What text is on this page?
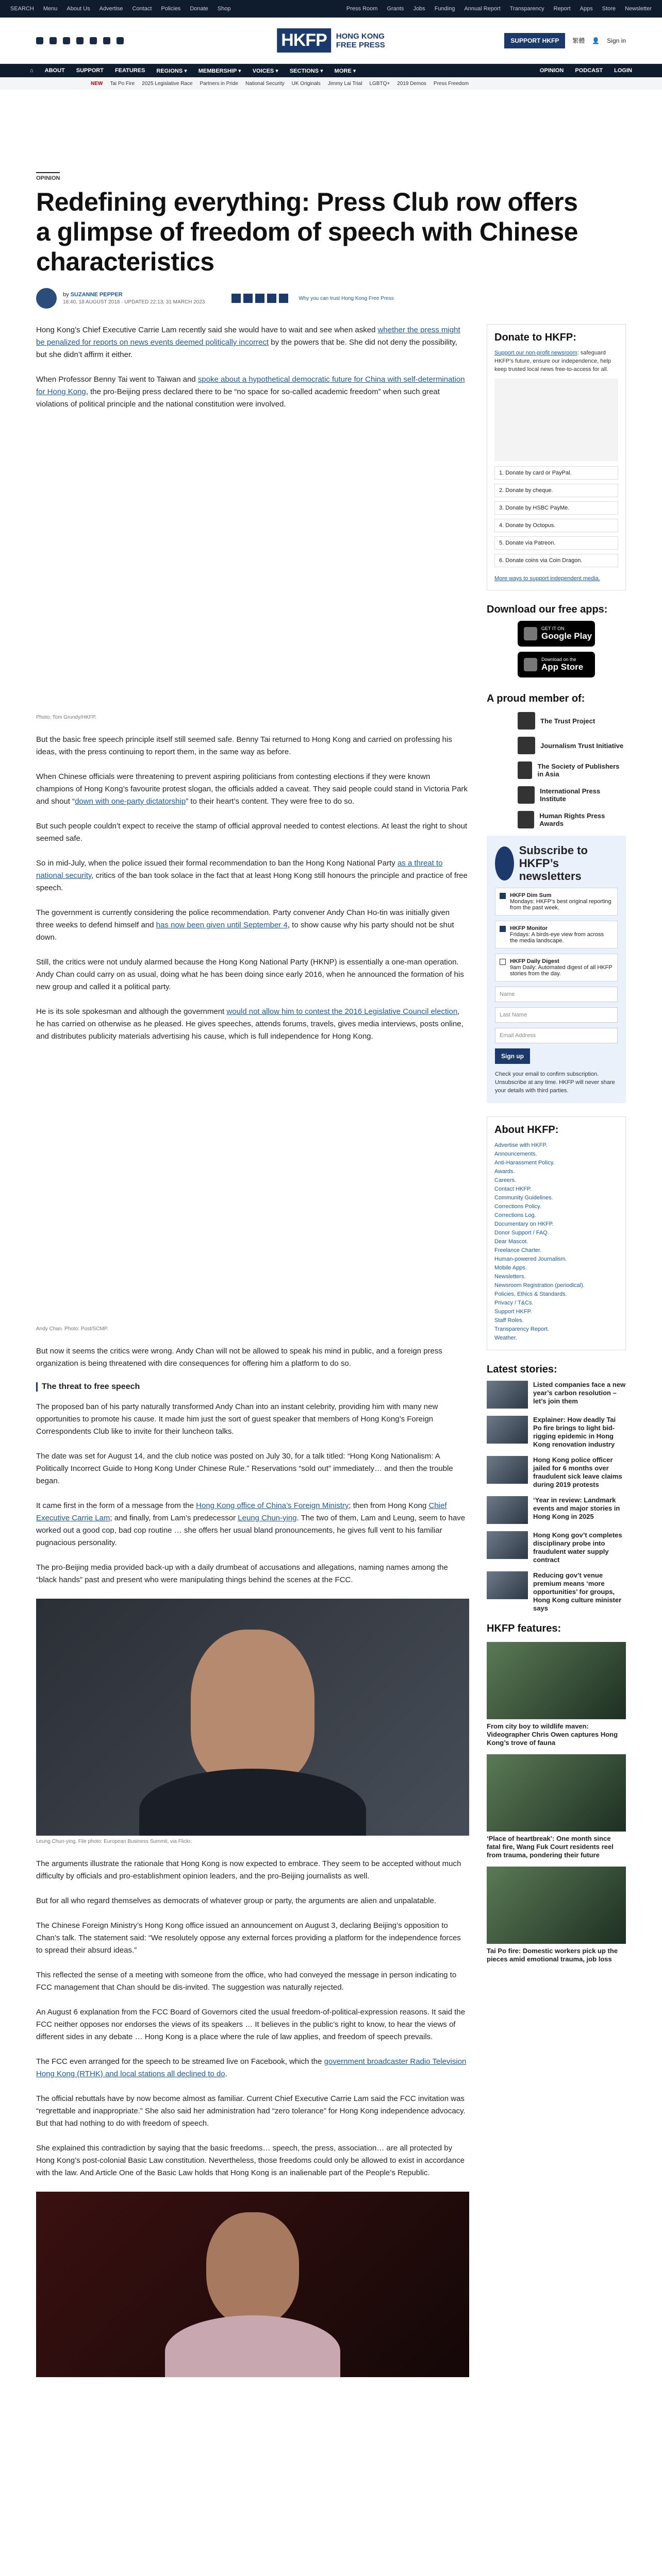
SEARCH Menu About Us Advertise Contact Policies Donate Shop	Press Room Grants Jobs Funding Annual Report Transparency Report Apps Store Newsletter
HKFP	HONG KONG
FREE PRESS	SUPPORT HKFP	繁體 👤 Sign in
⌂ ABOUT SUPPORT FEATURES REGIONS ▾ MEMBERSHIP ▾ VOICES ▾ SECTIONS ▾ MORE ▾	OPINION PODCAST LOGIN
NEW Tai Po Fire 2025 Legislative Race Partners in Pride National Security UK Originals Jimmy Lai Trial LGBTQ+ 2019 Demos Press Freedom
OPINION
Redefining everything: Press Club row offers a glimpse of freedom of speech with Chinese characteristics
by SUZANNE PEPPER
18:40, 18 AUGUST 2018 · UPDATED 22:13, 31 MARCH 2023
Why you can trust Hong Kong Free Press

Hong Kong’s Chief Executive Carrie Lam recently said she would have to wait and see when asked whether the press might be penalized for reports on news events deemed politically incorrect by the powers that be. She did not deny the possibility, but she didn’t affirm it either.

When Professor Benny Tai went to Taiwan and spoke about a hypothetical democratic future for China with self-determination for Hong Kong, the pro-Beijing press declared there to be “no space for so-called academic freedom” when such great violations of political principle and the national constitution were involved.

Photo: Tom Grundy/HKFP.

But the basic free speech principle itself still seemed safe. Benny Tai returned to Hong Kong and carried on professing his ideas, with the press continuing to report them, in the same way as before.

When Chinese officials were threatening to prevent aspiring politicians from contesting elections if they were known champions of Hong Kong’s favourite protest slogan, the officials added a caveat. They said people could stand in Victoria Park and shout “down with one-party dictatorship” to their heart’s content. They were free to do so.

But such people couldn’t expect to receive the stamp of official approval needed to contest elections. At least the right to shout seemed safe.

So in mid-July, when the police issued their formal recommendation to ban the Hong Kong National Party as a threat to national security, critics of the ban took solace in the fact that at least Hong Kong still honours the principle and practice of free speech.

The government is currently considering the police recommendation. Party convener Andy Chan Ho-tin was initially given three weeks to defend himself and has now been given until September 4, to show cause why his party should not be shut down.

Still, the critics were not unduly alarmed because the Hong Kong National Party (HKNP) is essentially a one-man operation. Andy Chan could carry on as usual, doing what he has been doing since early 2016, when he announced the formation of his new group and called it a political party.

He is its sole spokesman and although the government would not allow him to contest the 2016 Legislative Council election, he has carried on otherwise as he pleased. He gives speeches, attends forums, travels, gives media interviews, posts online, and distributes publicity materials advertising his cause, which is full independence for Hong Kong.

Andy Chan. Photo: Post/SCMP.

But now it seems the critics were wrong. Andy Chan will not be allowed to speak his mind in public, and a foreign press organization is being threatened with dire consequences for offering him a platform to do so.

The threat to free speech

The proposed ban of his party naturally transformed Andy Chan into an instant celebrity, providing him with many new opportunities to promote his cause. It made him just the sort of guest speaker that members of Hong Kong’s Foreign Correspondents Club like to invite for their luncheon talks.

The date was set for August 14, and the club notice was posted on July 30, for a talk titled: “Hong Kong Nationalism: A Politically Incorrect Guide to Hong Kong Under Chinese Rule.” Reservations “sold out” immediately… and then the trouble began.

It came first in the form of a message from the Hong Kong office of China’s Foreign Ministry; then from Hong Kong Chief Executive Carrie Lam; and finally, from Lam’s predecessor Leung Chun-ying. The two of them, Lam and Leung, seem to have worked out a good cop, bad cop routine … she offers her usual bland pronouncements, he gives full vent to his familiar pugnacious personality.

The pro-Beijing media provided back-up with a daily drumbeat of accusations and allegations, naming names among the “black hands” past and present who were manipulating things behind the scenes at the FCC.

Leung Chun-ying. File photo: European Business Summit, via Flickr.

The arguments illustrate the rationale that Hong Kong is now expected to embrace. They seem to be accepted without much difficulty by officials and pro-establishment opinion leaders, and the pro-Beijing journalists as well.

But for all who regard themselves as democrats of whatever group or party, the arguments are alien and unpalatable.

The Chinese Foreign Ministry’s Hong Kong office issued an announcement on August 3, declaring Beijing’s opposition to Chan’s talk. The statement said: “We resolutely oppose any external forces providing a platform for the independence forces to spread their absurd ideas.”

This reflected the sense of a meeting with someone from the office, who had conveyed the message in person indicating to FCC management that Chan should be dis-invited. The suggestion was naturally rejected.

An August 6 explanation from the FCC Board of Governors cited the usual freedom-of-political-expression reasons. It said the FCC neither opposes nor endorses the views of its speakers … It believes in the public’s right to know, to hear the views of different sides in any debate … Hong Kong is a place where the rule of law applies, and freedom of speech prevails.

The FCC even arranged for the speech to be streamed live on Facebook, which the government broadcaster Radio Television Hong Kong (RTHK) and local stations all declined to do.

The official rebuttals have by now become almost as familiar. Current Chief Executive Carrie Lam said the FCC invitation was “regrettable and inappropriate.” She also said her administration had “zero tolerance” for Hong Kong independence advocacy. But that had nothing to do with freedom of speech.

She explained this contradiction by saying that the basic freedoms… speech, the press, association… are all protected by Hong Kong’s post-colonial Basic Law constitution. Nevertheless, those freedoms could only be allowed to exist in accordance with the law. And Article One of the Basic Law holds that Hong Kong is an inalienable part of the People’s Republic.

Donate to HKFP:
Support our non-profit newsroom: safeguard HKFP’s future, ensure our independence, help keep trusted local news free-to-access for all.
1. Donate by card or PayPal.
2. Donate by cheque.
3. Donate by HSBC PayMe.
4. Donate by Octopus.
5. Donate via Patreon.
6. Donate coins via Coin Dragon.
More ways to support independent media.
Download our free apps:
GET IT ON
Google Play
Download on the
App Store
A proud member of:
The Trust Project
Journalism Trust Initiative
The Society of Publishers in Asia
International Press Institute
Human Rights Press Awards
Subscribe to HKFP’s newsletters
HKFP Dim Sum
Mondays: HKFP’s best original reporting from the past week.
HKFP Monitor
Fridays: A birds-eye view from across the media landscape.
HKFP Daily Digest
9am Daily: Automated digest of all HKFP stories from the day.
Name
Last Name
Email Address
Sign up
Check your email to confirm subscription. Unsubscribe at any time. HKFP will never share your details with third parties.
About HKFP:
Advertise with HKFP.
Announcements.
Anti-Harassment Policy.
Awards.
Careers.
Contact HKFP.
Community Guidelines.
Corrections Policy.
Corrections Log.
Documentary on HKFP.
Donor Support / FAQ.
Dear Mascot.
Freelance Charter.
Human-powered Journalism.
Mobile Apps.
Newsletters.
Newsroom Registration (periodical).
Policies, Ethics & Standards.
Privacy / T&Cs.
Support HKFP.
Staff Roles.
Transparency Report.
Weather.
Latest stories:
Listed companies face a new year’s carbon resolution – let’s join them
Explainer: How deadly Tai Po fire brings to light bid-rigging epidemic in Hong Kong renovation industry
Hong Kong police officer jailed for 6 months over fraudulent sick leave claims during 2019 protests
‘Year in review: Landmark events and major stories in Hong Kong in 2025
Hong Kong gov’t completes disciplinary probe into fraudulent water supply contract
Reducing gov’t venue premium means ‘more opportunities’ for groups, Hong Kong culture minister says
HKFP features:
From city boy to wildlife maven: Videographer Chris Owen captures Hong Kong’s trove of fauna
‘Place of heartbreak’: One month since fatal fire, Wang Fuk Court residents reel from trauma, pondering their future
Tai Po fire: Domestic workers pick up the pieces amid emotional trauma, job loss
